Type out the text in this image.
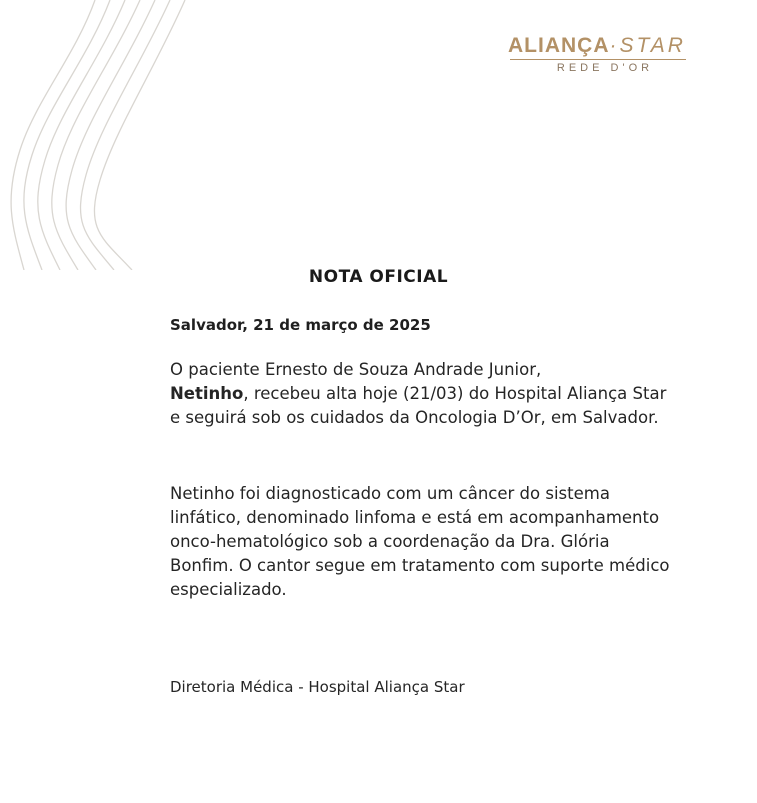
ALIANÇA·STAR
REDE D'OR
NOTA OFICIAL
Salvador, 21 de março de 2025
O paciente Ernesto de Souza Andrade Junior,
Netinho, recebeu alta hoje (21/03) do Hospital Aliança Star e seguirá sob os cuidados da Oncologia D’Or, em Salvador.
Netinho foi diagnosticado com um câncer do sistema linfático, denominado linfoma e está em acompanhamento onco-hematológico sob a coordenação da Dra. Glória Bonfim. O cantor segue em tratamento com suporte médico especializado.
Diretoria Médica - Hospital Aliança Star
